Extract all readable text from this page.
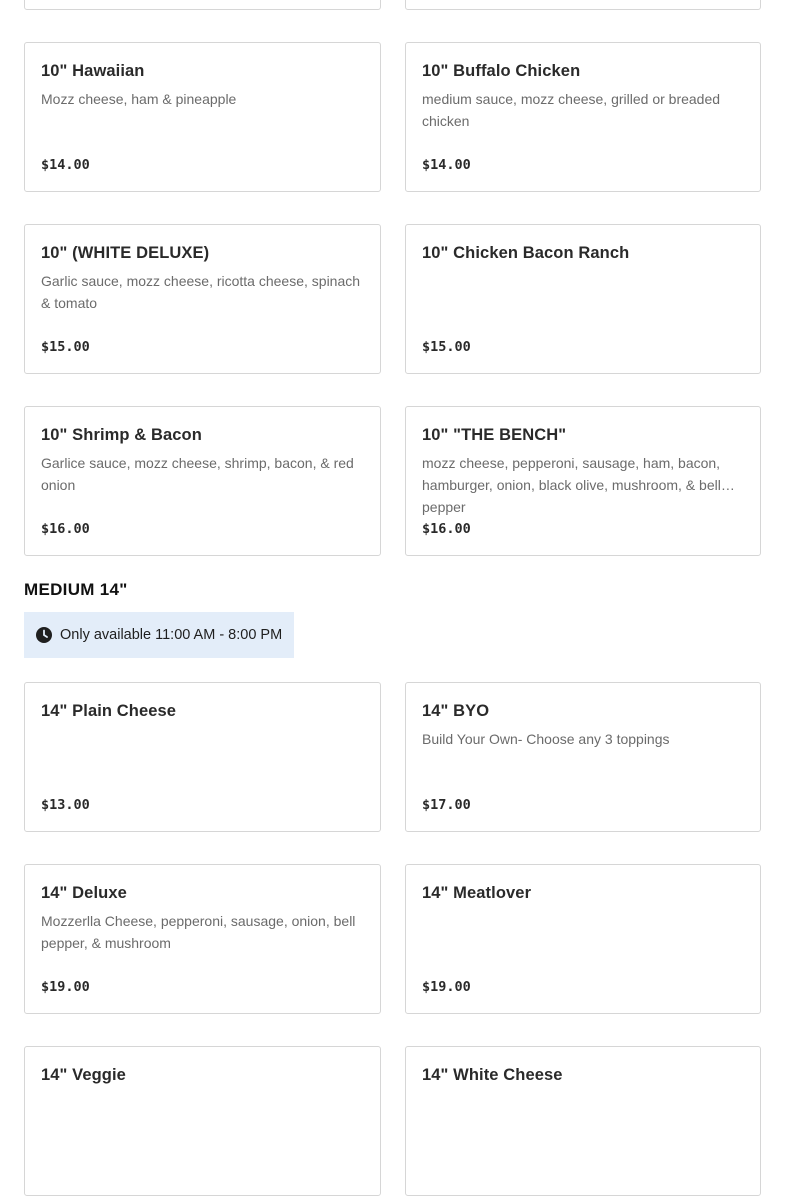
10" Hawaiian
Mozz cheese, ham & pineapple
$14.00
10" Buffalo Chicken
medium sauce, mozz cheese, grilled or breaded chicken
$14.00
10" (WHITE DELUXE)
Garlic sauce, mozz cheese, ricotta cheese, spinach & tomato
$15.00
10" Chicken Bacon Ranch
$15.00
10" Shrimp & Bacon
Garlice sauce, mozz cheese, shrimp, bacon, & red onion
$16.00
10" "THE BENCH"
mozz cheese, pepperoni, sausage, ham, bacon, hamburger, onion, black olive, mushroom, & bell pepper
$16.00
MEDIUM 14"
Only available 11:00 AM - 8:00 PM
14" Plain Cheese
$13.00
14" BYO
Build Your Own- Choose any 3 toppings
$17.00
14" Deluxe
Mozzerlla Cheese, pepperoni, sausage, onion, bell pepper, & mushroom
$19.00
14" Meatlover
$19.00
14" Veggie	14" White Cheese
